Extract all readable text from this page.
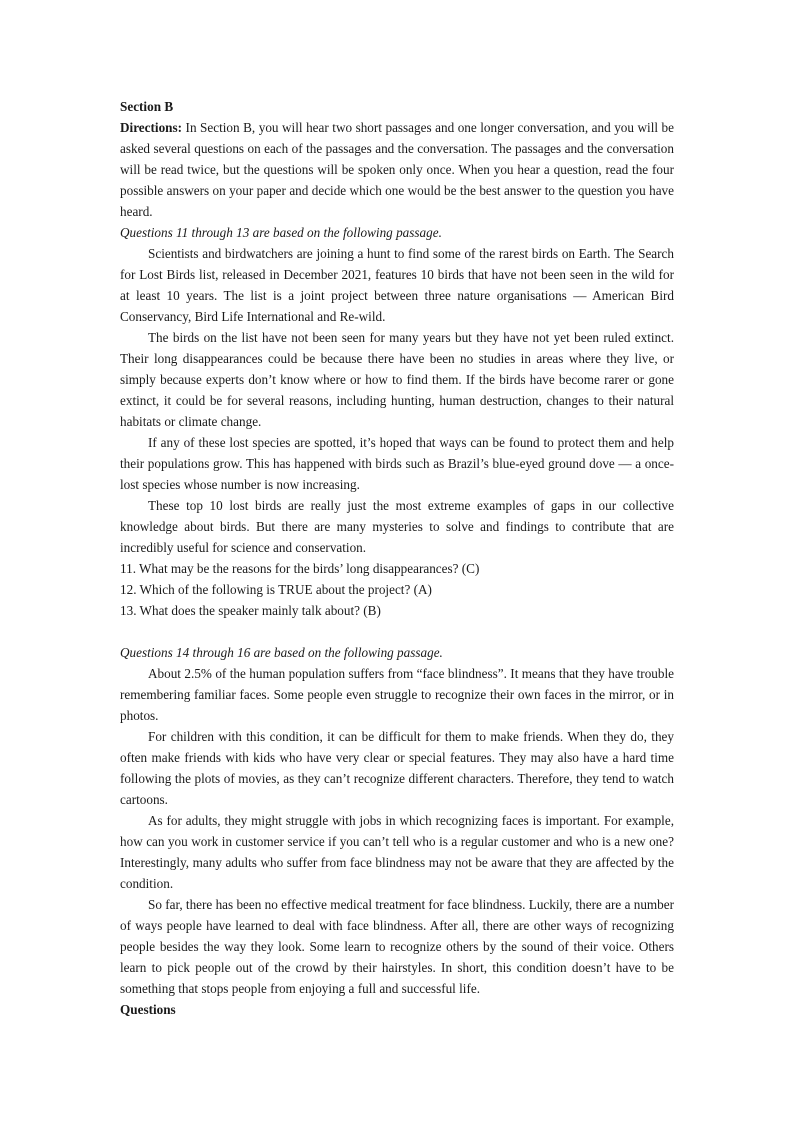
Section B

Directions: In Section B, you will hear two short passages and one longer conversation, and you will be asked several questions on each of the passages and the conversation. The passages and the conversation will be read twice, but the questions will be spoken only once. When you hear a question, read the four possible answers on your paper and decide which one would be the best answer to the question you have heard.

Questions 11 through 13 are based on the following passage.

Scientists and birdwatchers are joining a hunt to find some of the rarest birds on Earth. The Search for Lost Birds list, released in December 2021, features 10 birds that have not been seen in the wild for at least 10 years. The list is a joint project between three nature organisations — American Bird Conservancy, Bird Life International and Re-wild.

The birds on the list have not been seen for many years but they have not yet been ruled extinct. Their long disappearances could be because there have been no studies in areas where they live, or simply because experts don’t know where or how to find them. If the birds have become rarer or gone extinct, it could be for several reasons, including hunting, human destruction, changes to their natural habitats or climate change.

If any of these lost species are spotted, it’s hoped that ways can be found to protect them and help their populations grow. This has happened with birds such as Brazil’s blue-eyed ground dove — a once-lost species whose number is now increasing.

These top 10 lost birds are really just the most extreme examples of gaps in our collective knowledge about birds. But there are many mysteries to solve and findings to contribute that are incredibly useful for science and conservation.

11. What may be the reasons for the birds’ long disappearances? (C)

12. Which of the following is TRUE about the project? (A)

13. What does the speaker mainly talk about? (B)

Questions 14 through 16 are based on the following passage.

About 2.5% of the human population suffers from “face blindness”. It means that they have trouble remembering familiar faces. Some people even struggle to recognize their own faces in the mirror, or in photos.

For children with this condition, it can be difficult for them to make friends. When they do, they often make friends with kids who have very clear or special features. They may also have a hard time following the plots of movies, as they can’t recognize different characters. Therefore, they tend to watch cartoons.

As for adults, they might struggle with jobs in which recognizing faces is important. For example, how can you work in customer service if you can’t tell who is a regular customer and who is a new one? Interestingly, many adults who suffer from face blindness may not be aware that they are affected by the condition.

So far, there has been no effective medical treatment for face blindness. Luckily, there are a number of ways people have learned to deal with face blindness. After all, there are other ways of recognizing people besides the way they look. Some learn to recognize others by the sound of their voice. Others learn to pick people out of the crowd by their hairstyles. In short, this condition doesn’t have to be something that stops people from enjoying a full and successful life.

Questions
